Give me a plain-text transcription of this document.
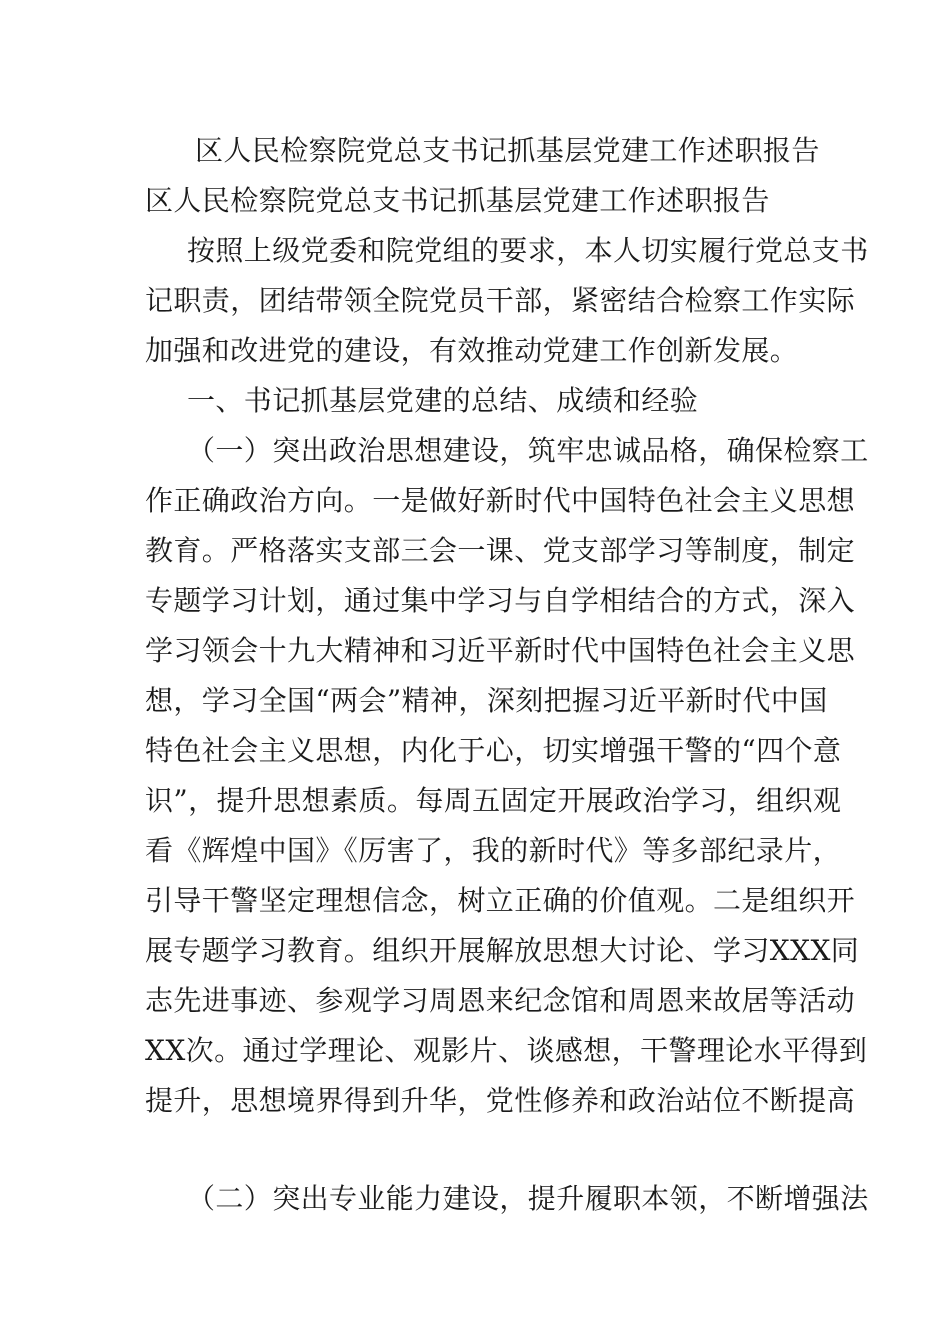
区人民检察院党总支书记抓基层党建工作述职报告
区人民检察院党总支书记抓基层党建工作述职报告
按照上级党委和院党组的要求，本人切实履行党总支书
记职责，团结带领全院党员干部，紧密结合检察工作实际
加强和改进党的建设，有效推动党建工作创新发展。
一、书记抓基层党建的总结、成绩和经验
（一）突出政治思想建设，筑牢忠诚品格，确保检察工
作正确政治方向。一是做好新时代中国特色社会主义思想
教育。严格落实支部三会一课、党支部学习等制度，制定
专题学习计划，通过集中学习与自学相结合的方式，深入
学习领会十九大精神和习近平新时代中国特色社会主义思
想，学习全国“两会”精神，深刻把握习近平新时代中国
特色社会主义思想，内化于心，切实增强干警的“四个意
识”，提升思想素质。每周五固定开展政治学习，组织观
看《辉煌中国》《厉害了，我的新时代》等多部纪录片，
引导干警坚定理想信念，树立正确的价值观。二是组织开
展专题学习教育。组织开展解放思想大讨论、学习XXX同
志先进事迹、参观学习周恩来纪念馆和周恩来故居等活动
XX次。通过学理论、观影片、谈感想，干警理论水平得到
提升，思想境界得到升华，党性修养和政治站位不断提高
（二）突出专业能力建设，提升履职本领，不断增强法
